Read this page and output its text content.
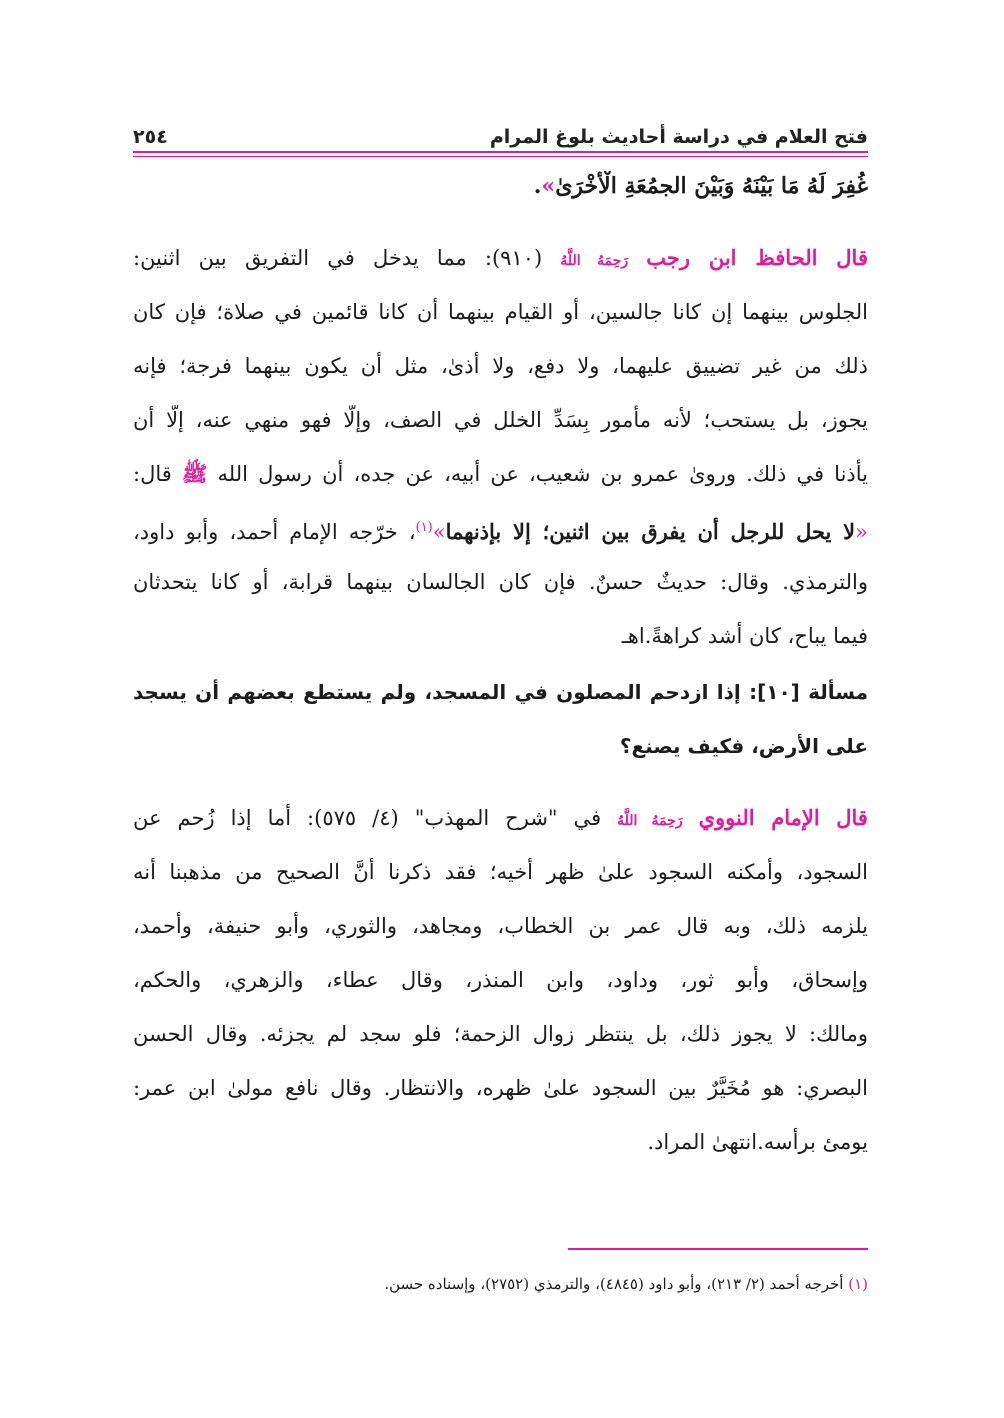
فتح العلام في دراسة أحاديث بلوغ المرام
٢٥٤
غُفِرَ لَهُ مَا بَيْنَهُ وَبَيْنَ الجمُعَةِ الْأُخْرَىٰ».
قال الحافظ ابن رجب رَحِمَهُ اللَّهُ (٩١٠): مما يدخل في التفريق بين اثنين:
الجلوس بينهما إن كانا جالسين، أو القيام بينهما أن كانا قائمين في صلاة؛ فإن كان
ذلك من غير تضييق عليهما، ولا دفع، ولا أذىٰ، مثل أن يكون بينهما فرجة؛ فإنه
يجوز، بل يستحب؛ لأنه مأمور بِسَدِّ الخلل في الصف، وإلَّا فهو منهي عنه، إلَّا أن
يأذنا في ذلك. وروىٰ عمرو بن شعيب، عن أبيه، عن جده، أن رسول الله ﷺ قال:
«لا يحل للرجل أن يفرق بين اثنين؛ إلا بإذنهما»$^{(١)}$، خرّجه الإمام أحمد، وأبو داود،
والترمذي. وقال: حديثٌ حسنٌ. فإن كان الجالسان بينهما قرابة، أو كانا يتحدثان
فيما يباح، كان أشد كراهةً.اهـ
مسألة [١٠]: إذا ازدحم المصلون في المسجد، ولم يستطع بعضهم أن يسجد
على الأرض، فكيف يصنع؟
قال الإمام النووي رَحِمَهُ اللَّهُ في "شرح المهذب" (٤/ ٥٧٥): أما إذا زُحم عن
السجود، وأمكنه السجود علىٰ ظهر أخيه؛ فقد ذكرنا أنَّ الصحيح من مذهبنا أنه
يلزمه ذلك، وبه قال عمر بن الخطاب، ومجاهد، والثوري، وأبو حنيفة، وأحمد،
وإسحاق، وأبو ثور، وداود، وابن المنذر، وقال عطاء، والزهري، والحكم،
ومالك: لا يجوز ذلك، بل ينتظر زوال الزحمة؛ فلو سجد لم يجزئه. وقال الحسن
البصري: هو مُخَيَّرٌ بين السجود علىٰ ظهره، والانتظار. وقال نافع مولىٰ ابن عمر:
يومئ برأسه.انتهىٰ المراد.
(١) أخرجه أحمد (٢/ ٢١٣)، وأبو داود (٤٨٤٥)، والترمذي (٢٧٥٢)، وإسناده حسن.
